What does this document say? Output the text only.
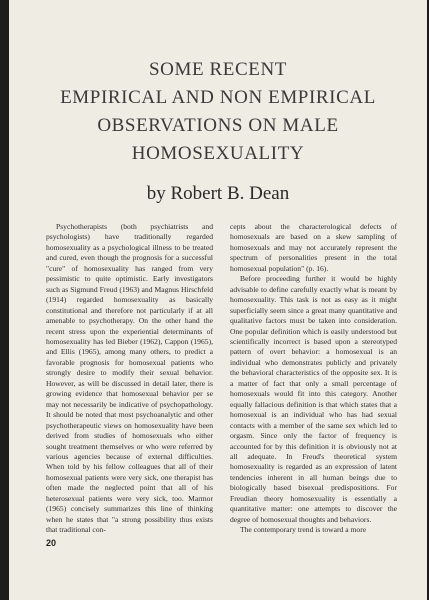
SOME RECENT
EMPIRICAL AND NON EMPIRICAL
OBSERVATIONS ON MALE
HOMOSEXUALITY
by Robert B. Dean

Psychotherapists (both psychiatrists and psychologists) have traditionally regarded homosexuality as a psychological illness to be treated and cured, even though the prognosis for a successful "cure" of homosexuality has ranged from very pessimistic to quite optimistic. Early investigators such as Sigmund Freud (1963) and Magnus Hirschfeld (1914) regarded homosexuality as basically constitutional and therefore not particularly if at all amenable to psychotherapy. On the other hand the recent stress upon the experiential determinants of homosexuality has led Bieber (1962), Cappon (1965), and Ellis (1965), among many others, to predict a favorable prognosis for homosexual patients who strongly desire to modify their sexual behavior. However, as will be discussed in detail later, there is growing evidence that homosexual behavior per se may not necessarily be indicative of psychopathology. It should be noted that most psychoanalytic and other psychotherapeutic views on homosexuality have been derived from studies of homosexuals who either sought treatment themselves or who were referred by various agencies because of external difficulties. When told by his fellow colleagues that all of their homosexual patients were very sick, one therapist has often made the neglected point that all of his heterosexual patients were very sick, too. Marmor (1965) concisely summarizes this line of thinking when he states that "a strong possibility thus exists that traditional con-

cepts about the characterological defects of homosexuals are based on a skew sampling of homosexuals and may not accurately represent the spectrum of personalities present in the total homosexual population" (p. 16).

Before proceeding further it would be highly advisable to define carefully exactly what is meant by homosexuality. This task is not as easy as it might superficially seem since a great many quantitative and qualitative factors must be taken into consideration. One popular definition which is easily understood but scientifically incorrect is based upon a stereotyped pattern of overt behavior: a homosexual is an individual who demonstrates publicly and privately the behavioral characteristics of the opposite sex. It is a matter of fact that only a small percentage of homosexuals would fit into this category. Another equally fallacious definition is that which states that a homosexual is an individual who has had sexual contacts with a member of the same sex which led to orgasm. Since only the factor of frequency is accounted for by this definition it is obviously not at all adequate. In Freud's theoretical system homosexuality is regarded as an expression of latent tendencies inherent in all human beings due to biologically based bisexual predispositions. For Freudian theory homosexuality is essentially a quantitative matter: one attempts to discover the degree of homosexual thoughts and behaviors.

The contemporary trend is toward a more

20
